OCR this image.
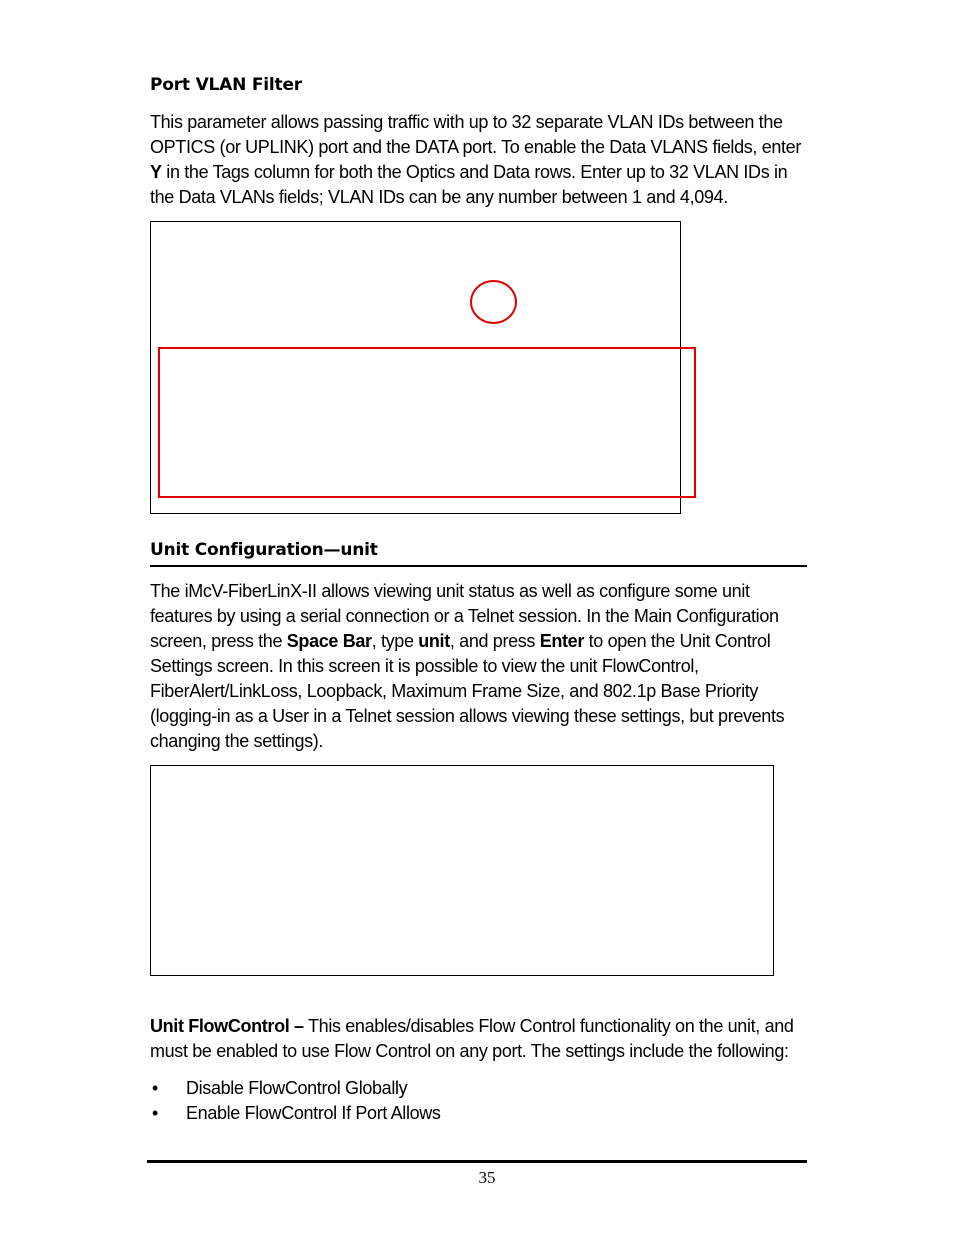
Port VLAN Filter

This parameter allows passing traffic with up to 32 separate VLAN IDs between the OPTICS (or UPLINK) port and the DATA port. To enable the Data VLANS fields, enter Y in the Tags column for both the Optics and Data rows. Enter up to 32 VLAN IDs in the Data VLANs fields; VLAN IDs can be any number between 1 and 4,094.

Unit Configuration—unit

The iMcV-FiberLinX-II allows viewing unit status as well as configure some unit features by using a serial connection or a Telnet session. In the Main Configuration screen, press the Space Bar, type unit, and press Enter to open the Unit Control Settings screen. In this screen it is possible to view the unit FlowControl, FiberAlert/LinkLoss, Loopback, Maximum Frame Size, and 802.1p Base Priority (logging-in as a User in a Telnet session allows viewing these settings, but prevents changing the settings).

Unit FlowControl – This enables/disables Flow Control functionality on the unit, and must be enabled to use Flow Control on any port. The settings include the following:

• Disable FlowControl Globally
• Enable FlowControl If Port Allows
35
